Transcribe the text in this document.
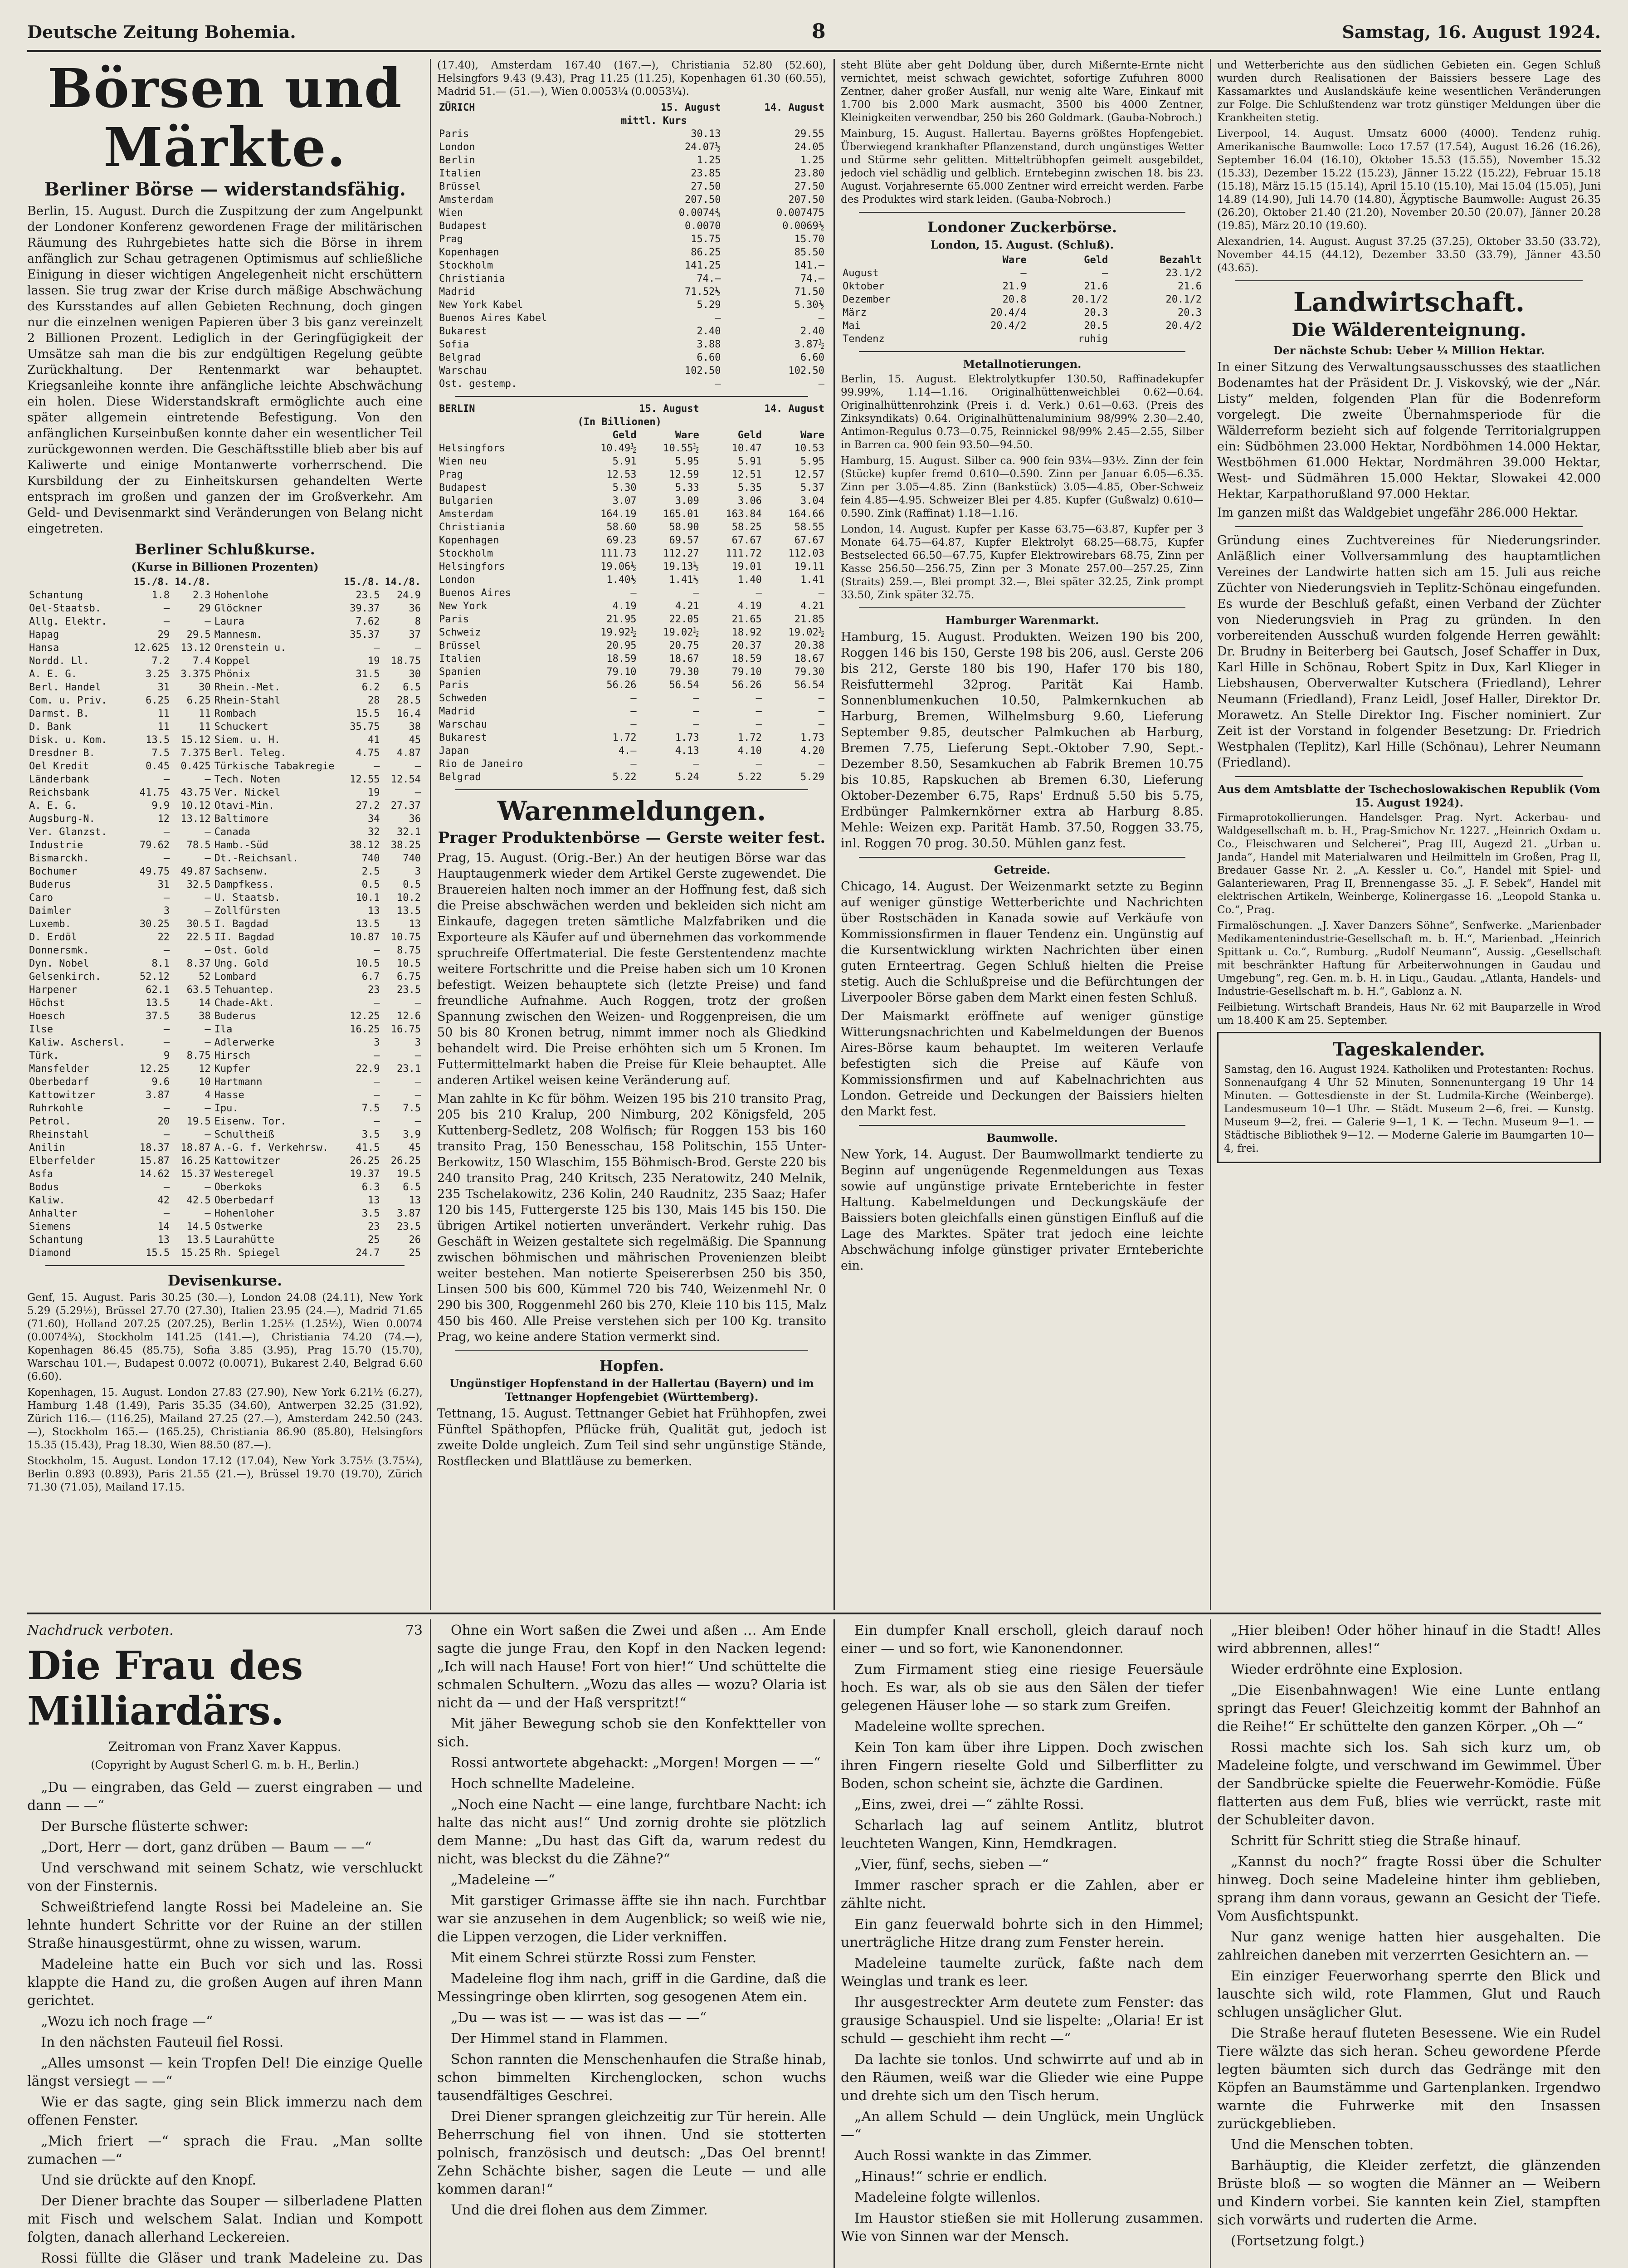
Deutsche Zeitung Bohemia.	8	Samstag, 16. August 1924.
Börsen und Märkte.
Berliner Börse — widerstandsfähig.

Berlin, 15. August. Durch die Zuspitzung der zum Angelpunkt der Londoner Konferenz gewordenen Frage der militärischen Räumung des Ruhrgebietes hatte sich die Börse in ihrem anfänglich zur Schau getragenen Optimismus auf schließliche Einigung in dieser wichtigen Angelegenheit nicht erschüttern lassen. Sie trug zwar der Krise durch mäßige Abschwächung des Kursstandes auf allen Gebieten Rechnung, doch gingen nur die einzelnen wenigen Papieren über 3 bis ganz vereinzelt 2 Billionen Prozent. Lediglich in der Geringfügigkeit der Umsätze sah man die bis zur endgültigen Regelung geübte Zurückhaltung. Der Rentenmarkt war behauptet. Kriegsanleihe konnte ihre anfängliche leichte Abschwächung ein holen. Diese Widerstandskraft ermöglichte auch eine später allgemein eintretende Befestigung. Von den anfänglichen Kurseinbußen konnte daher ein wesentlicher Teil zurückgewonnen werden. Die Geschäftsstille blieb aber bis auf Kaliwerte und einige Montanwerte vorherrschend. Die Kursbildung der zu Einheitskursen gehandelten Werte entsprach im großen und ganzen der im Großverkehr. Am Geld- und Devisenmarkt sind Veränderungen von Belang nicht eingetreten.

Berliner Schlußkurse.
(Kurse in Billionen Prozenten)
	15./8.	14./8.		15./8.	14./8.
Schantung	1.8	2.3	Hohenlohe	23.5	24.9
Oel-Staatsb.	—	29	Glöckner	39.37	36
Allg. Elektr.	—	—	Laura	7.62	8
Hapag	29	29.5	Mannesm.	35.37	37
Hansa	12.625	13.12	Orenstein u.	—	—
Nordd. Ll.	7.2	7.4	Koppel	19	18.75
A. E. G.	3.25	3.375	Phönix	31.5	30
Berl. Handel	31	30	Rhein.-Met.	6.2	6.5
Com. u. Priv.	6.25	6.25	Rhein-Stahl	28	28.5
Darmst. B.	11	11	Rombach	15.5	16.4
D. Bank	11	11	Schuckert	35.75	38
Disk. u. Kom.	13.5	15.12	Siem. u. H.	41	45
Dresdner B.	7.5	7.375	Berl. Teleg.	4.75	4.87
Oel Kredit	0.45	0.425	Türkische Tabakregie	—	—
Länderbank	—	—	Tech. Noten	12.55	12.54
Reichsbank	41.75	43.75	Ver. Nickel	19	—
A. E. G.	9.9	10.12	Otavi-Min.	27.2	27.37
Augsburg-N.	12	13.12	Baltimore	34	36
Ver. Glanzst.	—	—	Canada	32	32.1
Industrie	79.62	78.5	Hamb.-Süd	38.12	38.25
Bismarckh.	—	—	Dt.-Reichsanl.	740	740
Bochumer	49.75	49.87	Sachsenw.	2.5	3
Buderus	31	32.5	Dampfkess.	0.5	0.5
Caro	—	—	U. Staatsb.	10.1	10.2
Daimler	3	—	Zollfürsten	13	13.5
Luxemb.	30.25	30.5	I. Bagdad	13.5	13
D. Erdöl	22	22.5	II. Bagdad	10.87	10.75
Donnersmk.	—	—	Ost. Gold	—	8.75
Dyn. Nobel	8.1	8.37	Ung. Gold	10.5	10.5
Gelsenkirch.	52.12	52	Lombard	6.7	6.75
Harpener	62.1	63.5	Tehuantep.	23	23.5
Höchst	13.5	14	Chade-Akt.	—	—
Hoesch	37.5	38	Buderus	12.25	12.6
Ilse	—	—	Ila	16.25	16.75
Kaliw. Aschersl.	—	—	Adlerwerke	3	3
Türk.	9	8.75	Hirsch	—	—
Mansfelder	12.25	12	Kupfer	22.9	23.1
Oberbedarf	9.6	10	Hartmann	—	—
Kattowitzer	3.87	4	Hasse	—	—
Ruhrkohle	—	—	Ipu.	7.5	7.5
Petrol.	20	19.5	Eisenw. Tor.	—	—
Rheinstahl	—	—	Schultheiß	3.5	3.9
Anilin	18.37	18.87	A.-G. f. Verkehrsw.	41.5	45
Elberfelder	15.87	16.25	Kattowitzer	26.25	26.25
Asfa	14.62	15.37	Westeregel	19.37	19.5
Bodus	—	—	Oberkoks	6.3	6.5
Kaliw.	42	42.5	Oberbedarf	13	13
Anhalter	—	—	Hohenloher	3.5	3.87
Siemens	14	14.5	Ostwerke	23	23.5
Schantung	13	13.5	Laurahütte	25	26
Diamond	15.5	15.25	Rh. Spiegel	24.7	25
Devisenkurse.

Genf, 15. August. Paris 30.25 (30.—), London 24.08 (24.11), New York 5.29 (5.29½), Brüssel 27.70 (27.30), Italien 23.95 (24.—), Madrid 71.65 (71.60), Holland 207.25 (207.25), Berlin 1.25½ (1.25½), Wien 0.0074 (0.0074¾), Stockholm 141.25 (141.—), Christiania 74.20 (74.—), Kopenhagen 86.45 (85.75), Sofia 3.85 (3.95), Prag 15.70 (15.70), Warschau 101.—, Budapest 0.0072 (0.0071), Bukarest 2.40, Belgrad 6.60 (6.60).

Kopenhagen, 15. August. London 27.83 (27.90), New York 6.21½ (6.27), Hamburg 1.48 (1.49), Paris 35.35 (34.60), Antwerpen 32.25 (31.92), Zürich 116.— (116.25), Mailand 27.25 (27.—), Amsterdam 242.50 (243.—), Stockholm 165.— (165.25), Christiania 86.90 (85.80), Helsingfors 15.35 (15.43), Prag 18.30, Wien 88.50 (87.—).

Stockholm, 15. August. London 17.12 (17.04), New York 3.75½ (3.75¼), Berlin 0.893 (0.893), Paris 21.55 (21.—), Brüssel 19.70 (19.70), Zürich 71.30 (71.05), Mailand 17.15.

(17.40), Amsterdam 167.40 (167.—), Christiania 52.80 (52.60), Helsingfors 9.43 (9.43), Prag 11.25 (11.25), Kopenhagen 61.30 (60.55), Madrid 51.— (51.—), Wien 0.0053¼ (0.0053¼).

ZÜRICH	15. August	14. August
	mittl. Kurs	
Paris	30.13	29.55
London	24.07½	24.05
Berlin	1.25	1.25
Italien	23.85	23.80
Brüssel	27.50	27.50
Amsterdam	207.50	207.50
Wien	0.0074¾	0.007475
Budapest	0.0070	0.0069½
Prag	15.75	15.70
Kopenhagen	86.25	85.50
Stockholm	141.25	141.—
Christiania	74.—	74.—
Madrid	71.52½	71.50
New York Kabel	5.29	5.30½
Buenos Aires Kabel	—	—
Bukarest	2.40	2.40
Sofia	3.88	3.87½
Belgrad	6.60	6.60
Warschau	102.50	102.50
Ost. gestemp.	—	—
BERLIN	15. August		14. August	
	(In Billionen)			
	Geld	Ware	Geld	Ware
Helsingfors	10.49½	10.55½	10.47	10.53
Wien neu	5.91	5.95	5.91	5.95
Prag	12.53	12.59	12.51	12.57
Budapest	5.30	5.33	5.35	5.37
Bulgarien	3.07	3.09	3.06	3.04
Amsterdam	164.19	165.01	163.84	164.66
Christiania	58.60	58.90	58.25	58.55
Kopenhagen	69.23	69.57	67.67	67.67
Stockholm	111.73	112.27	111.72	112.03
Helsingfors	19.06½	19.13½	19.01	19.11
London	1.40½	1.41½	1.40	1.41
Buenos Aires	—	—	—	—
New York	4.19	4.21	4.19	4.21
Paris	21.95	22.05	21.65	21.85
Schweiz	19.92½	19.02½	18.92	19.02½
Brüssel	20.95	20.75	20.37	20.38
Italien	18.59	18.67	18.59	18.67
Spanien	79.10	79.30	79.10	79.30
Paris	56.26	56.54	56.26	56.54
Schweden	—	—	—	—
Madrid	—	—	—	—
Warschau	—	—	—	—
Bukarest	1.72	1.73	1.72	1.73
Japan	4.—	4.13	4.10	4.20
Rio de Janeiro	—	—	—	—
Belgrad	5.22	5.24	5.22	5.29
Warenmeldungen.
Prager Produktenbörse — Gerste weiter fest.

Prag, 15. August. (Orig.-Ber.) An der heutigen Börse war das Hauptaugenmerk wieder dem Artikel Gerste zugewendet. Die Brauereien halten noch immer an der Hoffnung fest, daß sich die Preise abschwächen werden und bekleiden sich nicht am Einkaufe, dagegen treten sämtliche Malzfabriken und die Exporteure als Käufer auf und übernehmen das vorkommende spruchreife Offertmaterial. Die feste Gerstentendenz machte weitere Fortschritte und die Preise haben sich um 10 Kronen befestigt. Weizen behauptete sich (letzte Preise) und fand freundliche Aufnahme. Auch Roggen, trotz der großen Spannung zwischen den Weizen- und Roggenpreisen, die um 50 bis 80 Kronen betrug, nimmt immer noch als Gliedkind behandelt wird. Die Preise erhöhten sich um 5 Kronen. Im Futtermittelmarkt haben die Preise für Kleie behauptet. Alle anderen Artikel weisen keine Veränderung auf.

Man zahlte in Kc für böhm. Weizen 195 bis 210 transito Prag, 205 bis 210 Kralup, 200 Nimburg, 202 Königsfeld, 205 Kuttenberg-Sedletz, 208 Wolfisch; für Roggen 153 bis 160 transito Prag, 150 Benesschau, 158 Politschin, 155 Unter-Berkowitz, 150 Wlaschim, 155 Böhmisch-Brod. Gerste 220 bis 240 transito Prag, 240 Kritsch, 235 Neratowitz, 240 Melnik, 235 Tschelakowitz, 236 Kolin, 240 Raudnitz, 235 Saaz; Hafer 120 bis 145, Futtergerste 125 bis 130, Mais 145 bis 150. Die übrigen Artikel notierten unverändert. Verkehr ruhig. Das Geschäft in Weizen gestaltete sich regelmäßig. Die Spannung zwischen böhmischen und mährischen Provenienzen bleibt weiter bestehen. Man notierte Speisererbsen 250 bis 350, Linsen 500 bis 600, Kümmel 720 bis 740, Weizenmehl Nr. 0 290 bis 300, Roggenmehl 260 bis 270, Kleie 110 bis 115, Malz 450 bis 460. Alle Preise verstehen sich per 100 Kg. transito Prag, wo keine andere Station vermerkt sind.

Hopfen.
Ungünstiger Hopfenstand in der Hallertau (Bayern) und im Tettnanger Hopfengebiet (Württemberg).

Tettnang, 15. August. Tettnanger Gebiet hat Frühhopfen, zwei Fünftel Späthopfen, Pflücke früh, Qualität gut, jedoch ist zweite Dolde ungleich. Zum Teil sind sehr ungünstige Stände, Rostflecken und Blattläuse zu bemerken.

steht Blüte aber geht Doldung über, durch Mißernte-Ernte nicht vernichtet, meist schwach gewichtet, sofortige Zufuhren 8000 Zentner, daher großer Ausfall, nur wenig alte Ware, Einkauf mit 1.700 bis 2.000 Mark ausmacht, 3500 bis 4000 Zentner, Kleinigkeiten verwendbar, 250 bis 260 Goldmark. (Gauba-Nobroch.)

Mainburg, 15. August. Hallertau. Bayerns größtes Hopfengebiet. Überwiegend krankhafter Pflanzenstand, durch ungünstiges Wetter und Stürme sehr gelitten. Mitteltrübhopfen geimelt ausgebildet, jedoch viel schädlig und gelblich. Erntebeginn zwischen 18. bis 23. August. Vorjahresernte 65.000 Zentner wird erreicht werden. Farbe des Produktes wird stark leiden. (Gauba-Nobroch.)

Londoner Zuckerbörse.
London, 15. August. (Schluß).
	Ware	Geld	Bezahlt
August	—	—	23.1/2
Oktober	21.9	21.6	21.6
Dezember	20.8	20.1/2	20.1/2
März	20.4/4	20.3	20.3
Mai	20.4/2	20.5	20.4/2
Tendenz		ruhig	
Metallnotierungen.

Berlin, 15. August. Elektrolytkupfer 130.50, Raffinadekupfer 99.99%, 1.14—1.16. Originalhüttenweichblei 0.62—0.64. Originalhüttenrohzink (Preis i. d. Verk.) 0.61—0.63. (Preis des Zinksyndikats) 0.64. Originalhüttenaluminium 98/99% 2.30—2.40, Antimon-Regulus 0.73—0.75, Reinnickel 98/99% 2.45—2.55, Silber in Barren ca. 900 fein 93.50—94.50.

Hamburg, 15. August. Silber ca. 900 fein 93¼—93½. Zinn der fein (Stücke) kupfer fremd 0.610—0.590. Zinn per Januar 6.05—6.35. Zinn per 3.05—4.85. Zinn (Bankstück) 3.05—4.85, Ober-Schweiz fein 4.85—4.95. Schweizer Blei per 4.85. Kupfer (Gußwalz) 0.610—0.590. Zink (Raffinat) 1.18—1.16.

London, 14. August. Kupfer per Kasse 63.75—63.87, Kupfer per 3 Monate 64.75—64.87, Kupfer Elektrolyt 68.25—68.75, Kupfer Bestselected 66.50—67.75, Kupfer Elektrowirebars 68.75, Zinn per Kasse 256.50—256.75, Zinn per 3 Monate 257.00—257.25, Zinn (Straits) 259.—, Blei prompt 32.—, Blei später 32.25, Zink prompt 33.50, Zink später 32.75.

Hamburger Warenmarkt.

Hamburg, 15. August. Produkten. Weizen 190 bis 200, Roggen 146 bis 150, Gerste 198 bis 206, ausl. Gerste 206 bis 212, Gerste 180 bis 190, Hafer 170 bis 180, Reisfuttermehl 32prog. Parität Kai Hamb. Sonnenblumenkuchen 10.50, Palmkernkuchen ab Harburg, Bremen, Wilhelmsburg 9.60, Lieferung September 9.85, deutscher Palmkuchen ab Harburg, Bremen 7.75, Lieferung Sept.-Oktober 7.90, Sept.-Dezember 8.50, Sesamkuchen ab Fabrik Bremen 10.75 bis 10.85, Rapskuchen ab Bremen 6.30, Lieferung Oktober-Dezember 6.75, Raps' Erdnuß 5.50 bis 5.75, Erdbünger Palmkernkörner extra ab Harburg 8.85. Mehle: Weizen exp. Parität Hamb. 37.50, Roggen 33.75, inl. Roggen 70 prog. 30.50. Mühlen ganz fest.

Getreide.

Chicago, 14. August. Der Weizenmarkt setzte zu Beginn auf weniger günstige Wetterberichte und Nachrichten über Rostschäden in Kanada sowie auf Verkäufe von Kommissionsfirmen in flauer Tendenz ein. Ungünstig auf die Kursentwicklung wirkten Nachrichten über einen guten Ernteertrag. Gegen Schluß hielten die Preise stetig. Auch die Schlußpreise und die Befürchtungen der Liverpooler Börse gaben dem Markt einen festen Schluß.

Der Maismarkt eröffnete auf weniger günstige Witterungsnachrichten und Kabelmeldungen der Buenos Aires-Börse kaum behauptet. Im weiteren Verlaufe befestigten sich die Preise auf Käufe von Kommissionsfirmen und auf Kabelnachrichten aus London. Getreide und Deckungen der Baissiers hielten den Markt fest.

Baumwolle.

New York, 14. August. Der Baumwollmarkt tendierte zu Beginn auf ungenügende Regenmeldungen aus Texas sowie auf ungünstige private Ernteberichte in fester Haltung. Kabelmeldungen und Deckungskäufe der Baissiers boten gleichfalls einen günstigen Einfluß auf die Lage des Marktes. Später trat jedoch eine leichte Abschwächung infolge günstiger privater Ernteberichte ein.

und Wetterberichte aus den südlichen Gebieten ein. Gegen Schluß wurden durch Realisationen der Baissiers bessere Lage des Kassamarktes und Auslandskäufe keine wesentlichen Veränderungen zur Folge. Die Schlußtendenz war trotz günstiger Meldungen über die Krankheiten stetig.

Liverpool, 14. August. Umsatz 6000 (4000). Tendenz ruhig. Amerikanische Baumwolle: Loco 17.57 (17.54), August 16.26 (16.26), September 16.04 (16.10), Oktober 15.53 (15.55), November 15.32 (15.33), Dezember 15.22 (15.23), Jänner 15.22 (15.22), Februar 15.18 (15.18), März 15.15 (15.14), April 15.10 (15.10), Mai 15.04 (15.05), Juni 14.89 (14.90), Juli 14.70 (14.80), Ägyptische Baumwolle: August 26.35 (26.20), Oktober 21.40 (21.20), November 20.50 (20.07), Jänner 20.28 (19.85), März 20.10 (19.60).

Alexandrien, 14. August. August 37.25 (37.25), Oktober 33.50 (33.72), November 44.15 (44.12), Dezember 33.50 (33.79), Jänner 43.50 (43.65).

Landwirtschaft.
Die Wälderenteignung.
Der nächste Schub: Ueber ¼ Million Hektar.

In einer Sitzung des Verwaltungsausschusses des staatlichen Bodenamtes hat der Präsident Dr. J. Viskovský, wie der „Nár. Listy“ melden, folgenden Plan für die Bodenreform vorgelegt. Die zweite Übernahmsperiode für die Wälderreform bezieht sich auf folgende Territorialgruppen ein: Südböhmen 23.000 Hektar, Nordböhmen 14.000 Hektar, Westböhmen 61.000 Hektar, Nordmähren 39.000 Hektar, West- und Südmähren 15.000 Hektar, Slowakei 42.000 Hektar, Karpathorußland 97.000 Hektar.

Im ganzen mißt das Waldgebiet ungefähr 286.000 Hektar.

Gründung eines Zuchtvereines für Niederungsrinder. Anläßlich einer Vollversammlung des hauptamtlichen Vereines der Landwirte hatten sich am 15. Juli aus reiche Züchter von Niederungsvieh in Teplitz-Schönau eingefunden. Es wurde der Beschluß gefaßt, einen Verband der Züchter von Niederungsvieh in Prag zu gründen. In den vorbereitenden Ausschuß wurden folgende Herren gewählt: Dr. Brudny in Beiterberg bei Gautsch, Josef Schaffer in Dux, Karl Hille in Schönau, Robert Spitz in Dux, Karl Klieger in Liebshausen, Oberverwalter Kutschera (Friedland), Lehrer Neumann (Friedland), Franz Leidl, Josef Haller, Direktor Dr. Morawetz. An Stelle Direktor Ing. Fischer nominiert. Zur Zeit ist der Vorstand in folgender Besetzung: Dr. Friedrich Westphalen (Teplitz), Karl Hille (Schönau), Lehrer Neumann (Friedland).

Aus dem Amtsblatte der Tschechoslowakischen Republik (Vom 15. August 1924).

Firmaprotokollierungen. Handelsger. Prag. Nyrt. Ackerbau- und Waldgesellschaft m. b. H., Prag-Smichov Nr. 1227. „Heinrich Oxdam u. Co., Fleischwaren und Selcherei“, Prag III, Augezd 21. „Urban u. Janda“, Handel mit Materialwaren und Heilmitteln im Großen, Prag II, Bredauer Gasse Nr. 2. „A. Kessler u. Co.“, Handel mit Spiel- und Galanteriewaren, Prag II, Brennengasse 35. „J. F. Sebek“, Handel mit elektrischen Artikeln, Weinberge, Kolinergasse 16. „Leopold Stanka u. Co.“, Prag.

Firmalöschungen. „J. Xaver Danzers Söhne“, Senfwerke. „Marienbader Medikamentenindustrie-Gesellschaft m. b. H.“, Marienbad. „Heinrich Spittank u. Co.“, Rumburg. „Rudolf Neumann“, Aussig. „Gesellschaft mit beschränkter Haftung für Arbeiterwohnungen in Gaudau und Umgebung“, reg. Gen. m. b. H. in Liqu., Gaudau. „Atlanta, Handels- und Industrie-Gesellschaft m. b. H.“, Gablonz a. N.

Feilbietung. Wirtschaft Brandeis, Haus Nr. 62 mit Bauparzelle in Wrod um 18.400 K am 25. September.

Tageskalender.

Samstag, den 16. August 1924. Katholiken und Protestanten: Rochus. Sonnenaufgang 4 Uhr 52 Minuten, Sonnenuntergang 19 Uhr 14 Minuten. — Gottesdienste in der St. Ludmila-Kirche (Weinberge). Landesmuseum 10—1 Uhr. — Städt. Museum 2—6, frei. — Kunstg. Museum 9—2, frei. — Galerie 9—1, 1 K. — Techn. Museum 9—1. — Städtische Bibliothek 9—12. — Moderne Galerie im Baumgarten 10—4, frei.

Nachdruck verboten.	73
Die Frau des Milliardärs.
Zeitroman von Franz Xaver Kappus.
(Copyright by August Scherl G. m. b. H., Berlin.)

„Du — eingraben, das Geld — zuerst eingraben — und dann — —“

Der Bursche flüsterte schwer:

„Dort, Herr — dort, ganz drüben — Baum — —“

Und verschwand mit seinem Schatz, wie verschluckt von der Finsternis.

Schweißtriefend langte Rossi bei Madeleine an. Sie lehnte hundert Schritte vor der Ruine an der stillen Straße hinausgestürmt, ohne zu wissen, warum.

Madeleine hatte ein Buch vor sich und las. Rossi klappte die Hand zu, die großen Augen auf ihren Mann gerichtet.

„Wozu ich noch frage —“

In den nächsten Fauteuil fiel Rossi.

„Alles umsonst — kein Tropfen Del! Die einzige Quelle längst versiegt — —“

Wie er das sagte, ging sein Blick immerzu nach dem offenen Fenster.

„Mich friert —“ sprach die Frau. „Man sollte zumachen —“

Und sie drückte auf den Knopf.

Der Diener brachte das Souper — silberladene Platten mit Fisch und welschem Salat. Indian und Kompott folgten, danach allerhand Leckereien.

Rossi füllte die Gläser und trank Madeleine zu. Das

Ohne ein Wort saßen die Zwei und aßen … Am Ende sagte die junge Frau, den Kopf in den Nacken legend: „Ich will nach Hause! Fort von hier!“ Und schüttelte die schmalen Schultern. „Wozu das alles — wozu? Olaria ist nicht da — und der Haß verspritzt!“

Mit jäher Bewegung schob sie den Konfektteller von sich.

Rossi antwortete abgehackt: „Morgen! Morgen — —“

Hoch schnellte Madeleine.

„Noch eine Nacht — eine lange, furchtbare Nacht: ich halte das nicht aus!“ Und zornig drohte sie plötzlich dem Manne: „Du hast das Gift da, warum redest du nicht, was bleckst du die Zähne?“

„Madeleine —“

Mit garstiger Grimasse äffte sie ihn nach. Furchtbar war sie anzusehen in dem Augenblick; so weiß wie nie, die Lippen verzogen, die Lider verkniffen.

Mit einem Schrei stürzte Rossi zum Fenster.

Madeleine flog ihm nach, griff in die Gardine, daß die Messingringe oben klirrten, sog gesogenen Atem ein.

„Du — was ist — — was ist das — —“

Der Himmel stand in Flammen.

Schon rannten die Menschenhaufen die Straße hinab, schon bimmelten Kirchenglocken, schon wuchs tausendfältiges Geschrei.

Drei Diener sprangen gleichzeitig zur Tür herein. Alle Beherrschung fiel von ihnen. Und sie stotterten polnisch, französisch und deutsch: „Das Oel brennt! Zehn Schächte bisher, sagen die Leute — und alle kommen daran!“

Und die drei flohen aus dem Zimmer.

Ein dumpfer Knall erscholl, gleich darauf noch einer — und so fort, wie Kanonendonner.

Zum Firmament stieg eine riesige Feuersäule hoch. Es war, als ob sie aus den Sälen der tiefer gelegenen Häuser lohe — so stark zum Greifen.

Madeleine wollte sprechen.

Kein Ton kam über ihre Lippen. Doch zwischen ihren Fingern rieselte Gold und Silberflitter zu Boden, schon scheint sie, ächzte die Gardinen.

„Eins, zwei, drei —“ zählte Rossi.

Scharlach lag auf seinem Antlitz, blutrot leuchteten Wangen, Kinn, Hemdkragen.

„Vier, fünf, sechs, sieben —“

Immer rascher sprach er die Zahlen, aber er zählte nicht.

Ein ganz feuerwald bohrte sich in den Himmel; unerträgliche Hitze drang zum Fenster herein.

Madeleine taumelte zurück, faßte nach dem Weinglas und trank es leer.

Ihr ausgestreckter Arm deutete zum Fenster: das grausige Schauspiel. Und sie lispelte: „Olaria! Er ist schuld — geschieht ihm recht —“

Da lachte sie tonlos. Und schwirrte auf und ab in den Räumen, weiß war die Glieder wie eine Puppe und drehte sich um den Tisch herum.

„An allem Schuld — dein Unglück, mein Unglück —“

Auch Rossi wankte in das Zimmer.

„Hinaus!“ schrie er endlich.

Madeleine folgte willenlos.

Im Haustor stießen sie mit Hollerung zusammen. Wie von Sinnen war der Mensch.

„Hier bleiben! Oder höher hinauf in die Stadt! Alles wird abbrennen, alles!“

Wieder erdröhnte eine Explosion.

„Die Eisenbahnwagen! Wie eine Lunte entlang springt das Feuer! Gleichzeitig kommt der Bahnhof an die Reihe!“ Er schüttelte den ganzen Körper. „Oh —“

Rossi machte sich los. Sah sich kurz um, ob Madeleine folgte, und verschwand im Gewimmel. Über der Sandbrücke spielte die Feuerwehr-Komödie. Füße flatterten aus dem Fuß, blies wie verrückt, raste mit der Schubleiter davon.

Schritt für Schritt stieg die Straße hinauf.

„Kannst du noch?“ fragte Rossi über die Schulter hinweg. Doch seine Madeleine hinter ihm geblieben, sprang ihm dann voraus, gewann an Gesicht der Tiefe. Vom Ausfichtspunkt.

Nur ganz wenige hatten hier ausgehalten. Die zahlreichen daneben mit verzerrten Gesichtern an. —

Ein einziger Feuerworhang sperrte den Blick und lauschte sich wild, rote Flammen, Glut und Rauch schlugen unsäglicher Glut.

Die Straße herauf fluteten Besessene. Wie ein Rudel Tiere wälzte das sich heran. Scheu gewordene Pferde legten bäumten sich durch das Gedränge mit den Köpfen an Baumstämme und Gartenplanken. Irgendwo warnte die Fuhrwerke mit den Insassen zurückgeblieben.

Und die Menschen tobten.

Barhäuptig, die Kleider zerfetzt, die glänzenden Brüste bloß — so wogten die Männer an — Weibern und Kindern vorbei. Sie kannten kein Ziel, stampften sich vorwärts und ruderten die Arme.

(Fortsetzung folgt.)
